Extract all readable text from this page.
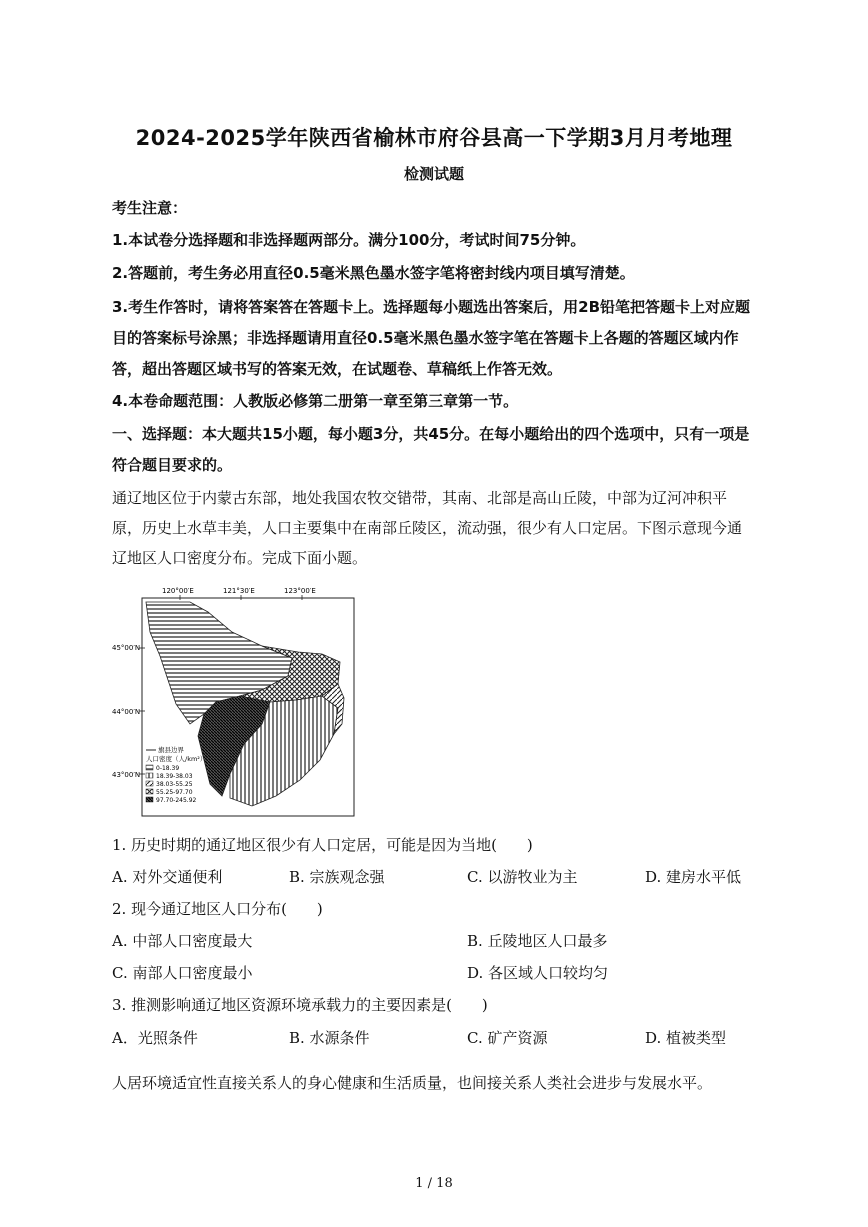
2024-2025学年陕西省榆林市府谷县高一下学期3月月考地理
检测试题
考生注意：
1.本试卷分选择题和非选择题两部分。满分100分，考试时间75分钟。
2.答题前，考生务必用直径0.5毫米黑色墨水签字笔将密封线内项目填写清楚。
3.考生作答时，请将答案答在答题卡上。选择题每小题选出答案后，用2B铅笔把答题卡上对应题目的答案标号涂黑；非选择题请用直径0.5毫米黑色墨水签字笔在答题卡上各题的答题区域内作答，超出答题区域书写的答案无效，在试题卷、草稿纸上作答无效。
4.本卷命题范围：人教版必修第二册第一章至第三章第一节。
一、选择题：本大题共15小题，每小题3分，共45分。在每小题给出的四个选项中，只有一项是符合题目要求的。
通辽地区位于内蒙古东部，地处我国农牧交错带，其南、北部是高山丘陵，中部为辽河冲积平原，历史上水草丰美，人口主要集中在南部丘陵区，流动强，很少有人口定居。下图示意现今通辽地区人口密度分布。完成下面小题。
120°00′E	121°30′E	123°00′E
45°00′N
44°00′N
43°00′N
旗县边界
人口密度（人/km²）
0-18.39
18.39-38.03
38.03-55.25
55.25-97.70
97.70-245.92
1. 历史时期的通辽地区很少有人口定居，可能是因为当地(　　)
A. 对外交通便利	B. 宗族观念强	C. 以游牧业为主	D. 建房水平低
2. 现今通辽地区人口分布(　　)
A. 中部人口密度最大	B. 丘陵地区人口最多
C. 南部人口密度最小	D. 各区域人口较均匀
3. 推测影响通辽地区资源环境承载力的主要因素是(　　)
A．光照条件	B. 水源条件	C. 矿产资源	D. 植被类型
人居环境适宜性直接关系人的身心健康和生活质量，也间接关系人类社会进步与发展水平。
1 / 18
